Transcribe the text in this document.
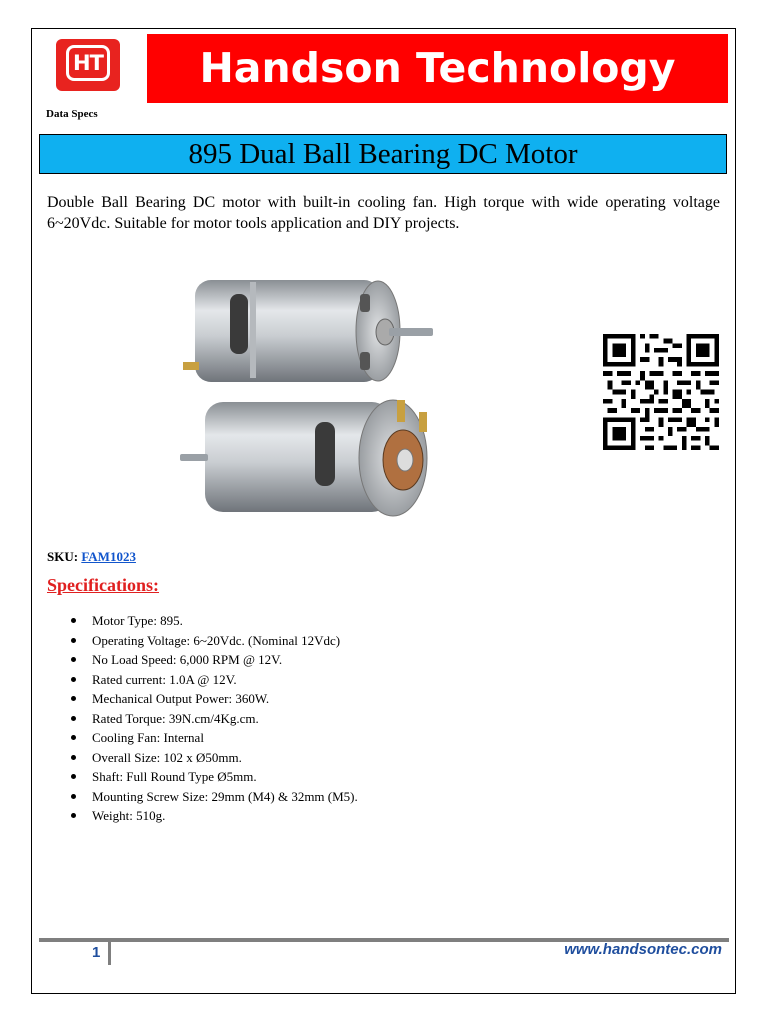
HT	Handson Technology
Data Specs
895 Dual Ball Bearing DC Motor
Double Ball Bearing DC motor with built-in cooling fan. High torque with wide operating voltage 6~20Vdc. Suitable for motor tools application and DIY projects.
SKU: FAM1023
Specifications:
Motor Type: 895.
Operating Voltage: 6~20Vdc. (Nominal 12Vdc)
No Load Speed: 6,000 RPM @ 12V.
Rated current: 1.0A @ 12V.
Mechanical Output Power: 360W.
Rated Torque: 39N.cm/4Kg.cm.
Cooling Fan: Internal
Overall Size: 102 x Ø50mm.
Shaft: Full Round Type Ø5mm.
Mounting Screw Size: 29mm (M4) & 32mm (M5).
Weight: 510g.
1	www.handsontec.com
